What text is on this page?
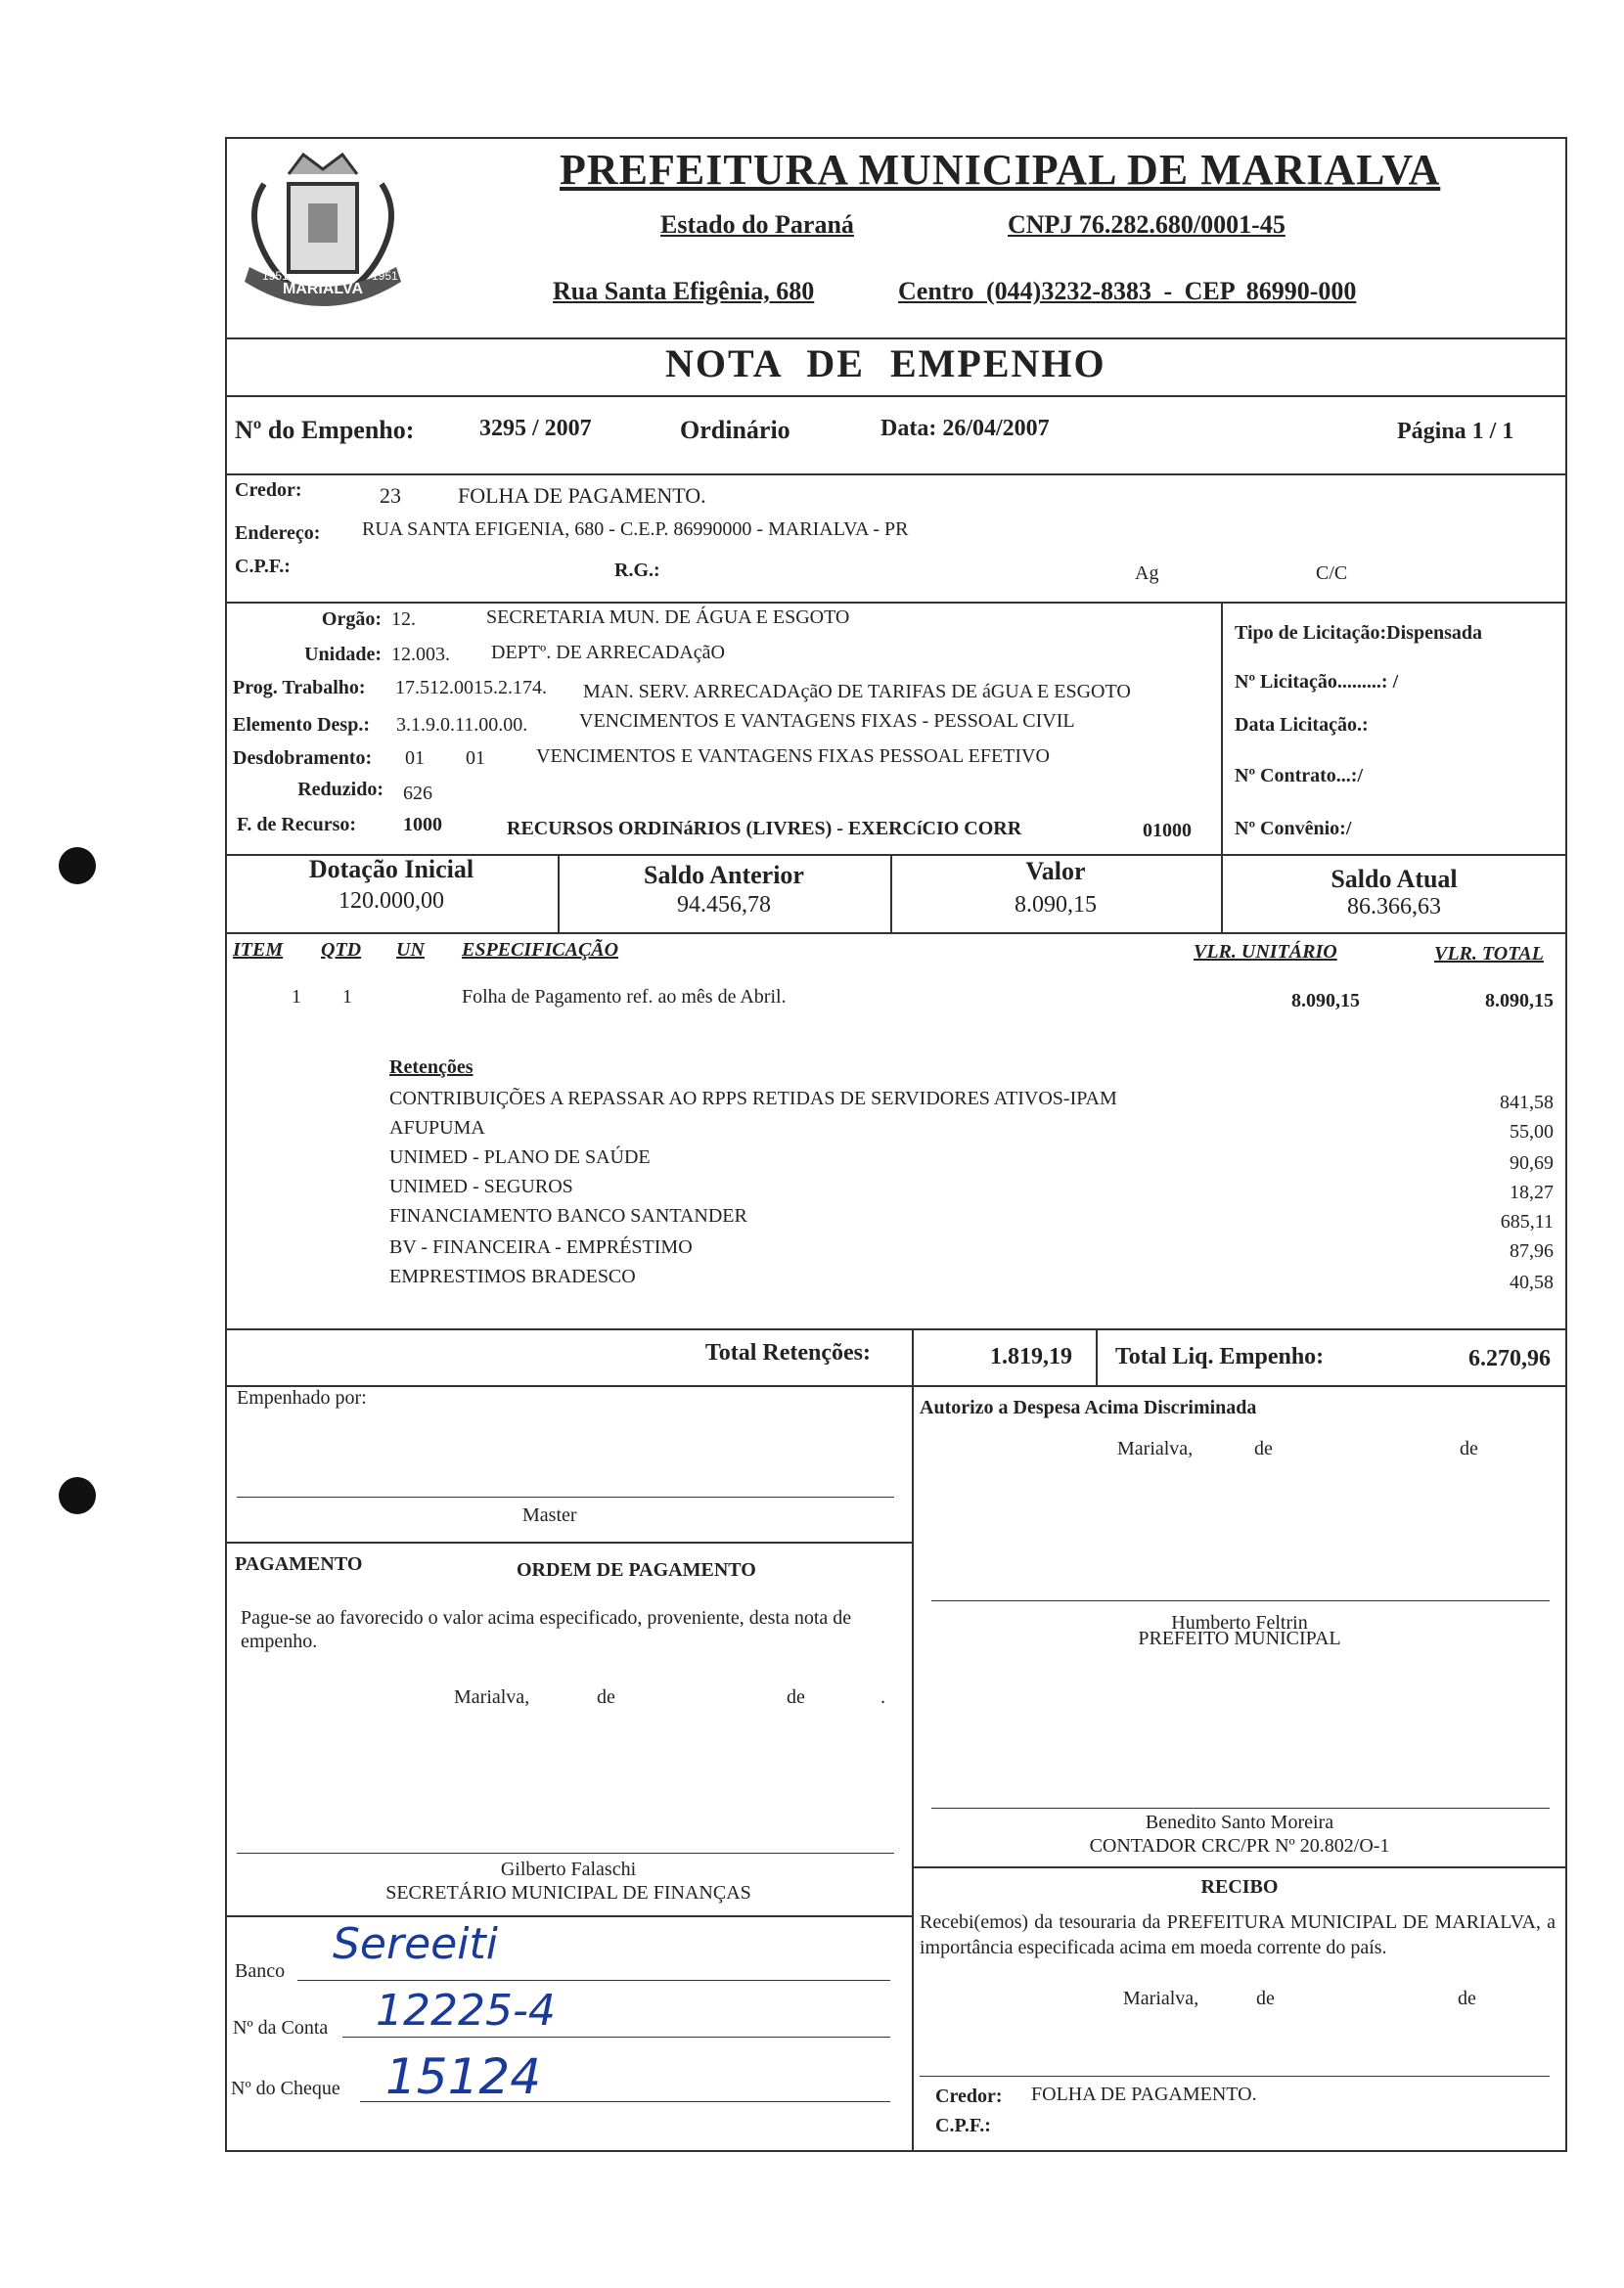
MARIALVA
1951	1951
PREFEITURA MUNICIPAL DE MARIALVA
Estado do Paraná	CNPJ 76.282.680/0001-45
Rua Santa Efigênia, 680	Centro (044)3232-8383 - CEP 86990-000
NOTA DE EMPENHO
Nº do Empenho:	3295 / 2007	Ordinário	Data: 26/04/2007	Página 1 / 1
Credor:	23	FOLHA DE PAGAMENTO.
Endereço: RUA SANTA EFIGENIA, 680 - C.E.P. 86990000 - MARIALVA - PR
C.P.F.:	R.G.:	Ag	C/C
Orgão: 12.	SECRETARIA MUN. DE ÁGUA E ESGOTO
Unidade: 12.003. DEPTº. DE ARRECADAçãO
Prog. Trabalho: 17.512.0015.2.174. MAN. SERV. ARRECADAçãO DE TARIFAS DE áGUA E ESGOTO
Elemento Desp.: 3.1.9.0.11.00.00.	VENCIMENTOS E VANTAGENS FIXAS - PESSOAL CIVIL
Desdobramento: 01 01	VENCIMENTOS E VANTAGENS FIXAS PESSOAL EFETIVO
Reduzido: 626
F. de Recurso: 1000	RECURSOS ORDINáRIOS (LIVRES) - EXERCíCIO CORR	01000
Tipo de Licitação:Dispensada
Nº Licitação.........: /
Data Licitação.:
Nº Contrato...:/
Nº Convênio:/
Dotação Inicial
120.000,00
Saldo Anterior
94.456,78
Valor
8.090,15
Saldo Atual
86.366,63
ITEM QTD UN ESPECIFICAÇÃO	VLR. UNITÁRIO	VLR. TOTAL
1 1	Folha de Pagamento ref. ao mês de Abril.	8.090,15	8.090,15
Retenções
CONTRIBUIÇÕES A REPASSAR AO RPPS RETIDAS DE SERVIDORES ATIVOS-IPAM	841,58
AFUPUMA	55,00
UNIMED - PLANO DE SAÚDE	90,69
UNIMED - SEGUROS	18,27
FINANCIAMENTO BANCO SANTANDER	685,11
BV - FINANCEIRA - EMPRÉSTIMO	87,96
EMPRESTIMOS BRADESCO	40,58
Total Retenções:	1.819,19 Total Liq. Empenho:	6.270,96
Empenhado por:
Master
Autorizo a Despesa Acima Discriminada
Marialva,	de	de
Humberto Feltrin
PREFEITO MUNICIPAL
PAGAMENTO	ORDEM DE PAGAMENTO
Pague-se ao favorecido o valor acima especificado, proveniente, desta nota de empenho.
Marialva,	de	de	.
Gilberto Falaschi
SECRETÁRIO MUNICIPAL DE FINANÇAS
Benedito Santo Moreira
CONTADOR CRC/PR Nº 20.802/O-1
RECIBO
Recebi(emos) da tesouraria da PREFEITURA MUNICIPAL DE MARIALVA, a importância especificada acima em moeda corrente do país.
Marialva,	de	de
Credor: FOLHA DE PAGAMENTO.
C.P.F.:
Banco
Sereeiti
Nº da Conta 12225-4
Nº do Cheque 15124
